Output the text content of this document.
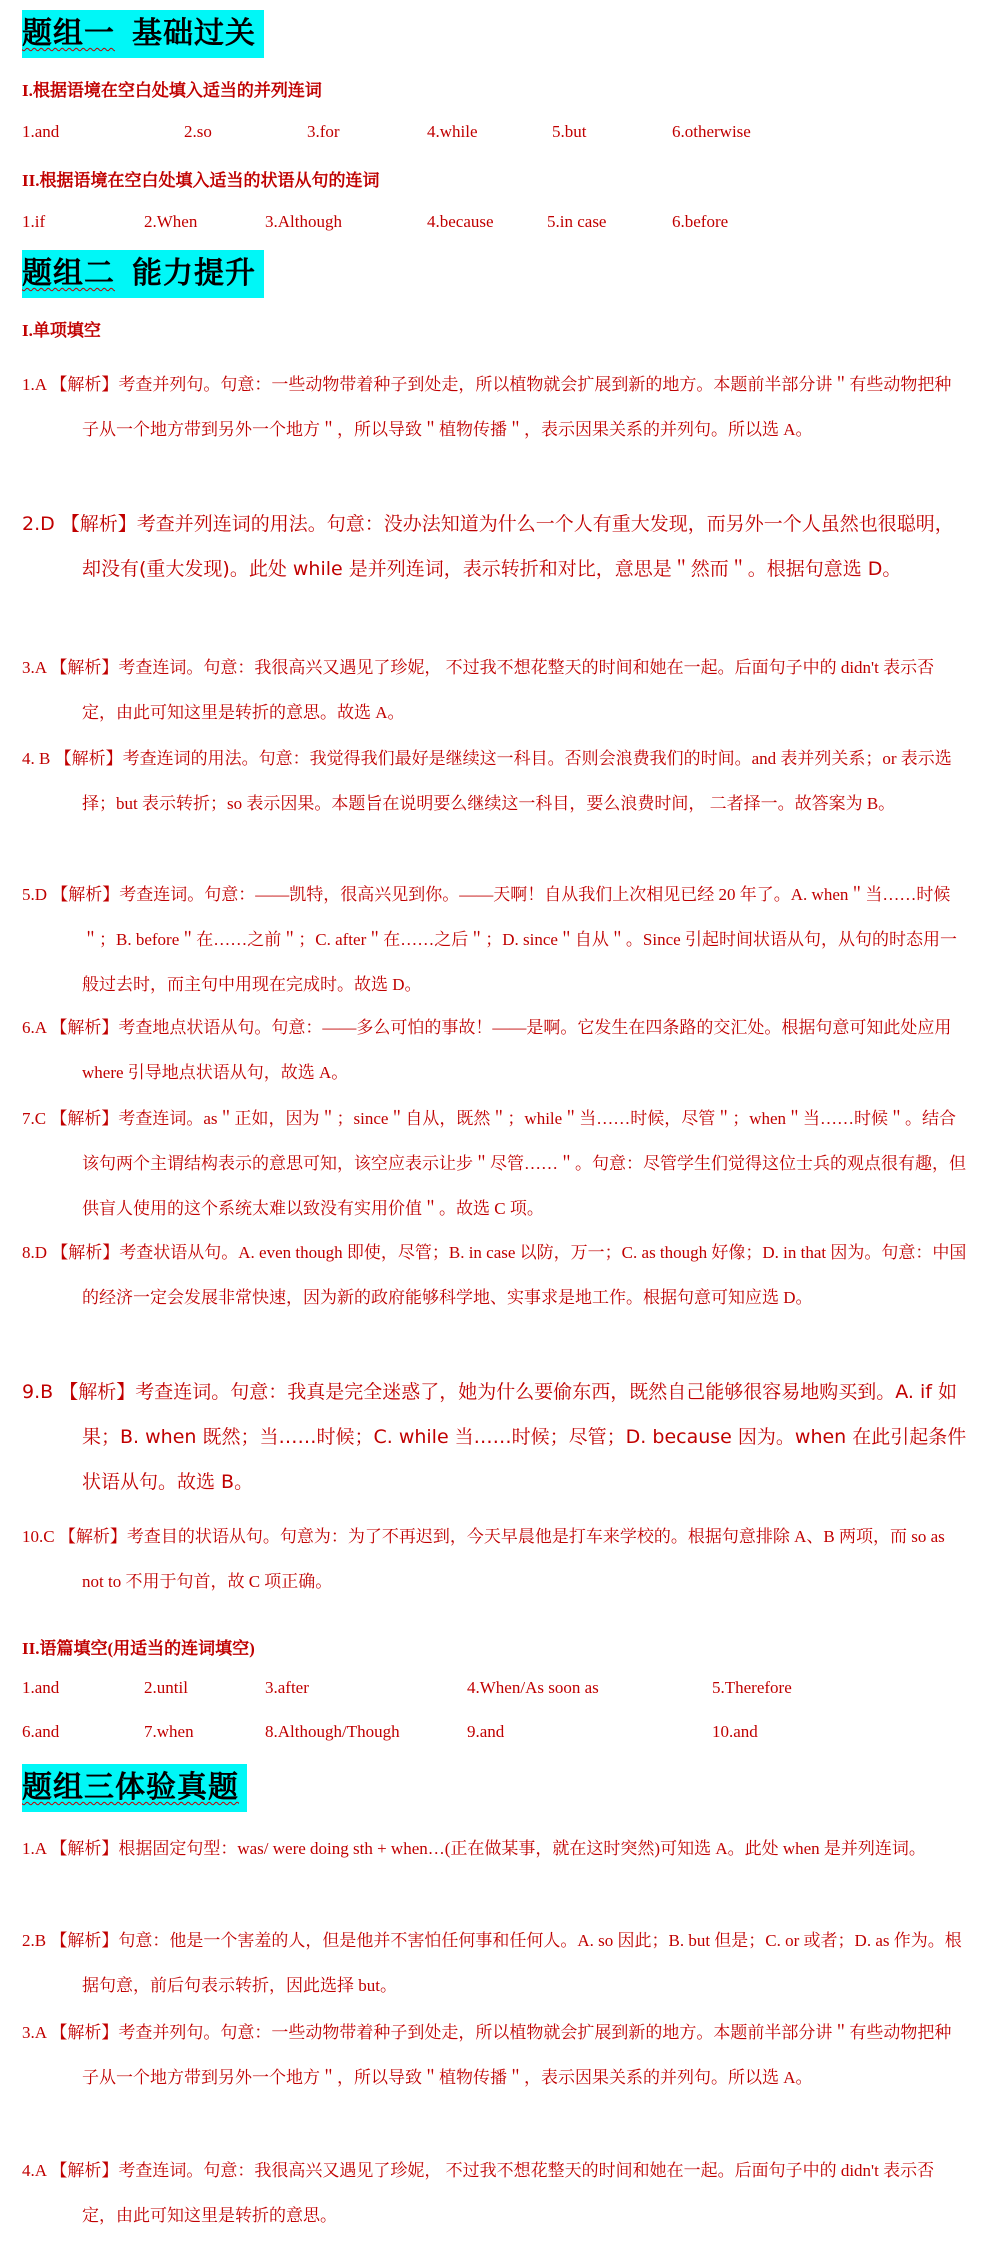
题组一 基础过关
I.根据语境在空白处填入适当的并列连词
1.and	2.so	3.for	4.while	5.but	6.otherwise
II.根据语境在空白处填入适当的状语从句的连词
1.if	2.When	3.Although	4.because	5.in case	6.before
题组二 能力提升
I.单项填空
1.A 【解析】考查并列句。句意：一些动物带着种子到处走，所以植物就会扩展到新的地方。本题前半部分讲＂有些动物把种子从一个地方带到另外一个地方＂，所以导致＂植物传播＂，表示因果关系的并列句。所以选 A。
2.D 【解析】考查并列连词的用法。句意：没办法知道为什么一个人有重大发现，而另外一个人虽然也很聪明，却没有(重大发现)。此处 while 是并列连词，表示转折和对比，意思是＂然而＂。根据句意选 D。
3.A 【解析】考查连词。句意：我很高兴又遇见了珍妮， 不过我不想花整天的时间和她在一起。后面句子中的 didn't 表示否定，由此可知这里是转折的意思。故选 A。
4. B 【解析】考查连词的用法。句意：我觉得我们最好是继续这一科目。否则会浪费我们的时间。and 表并列关系；or 表示选择；but 表示转折；so 表示因果。本题旨在说明要么继续这一科目，要么浪费时间， 二者择一。故答案为 B。
5.D 【解析】考查连词。句意：——凯特，很高兴见到你。——天啊！自从我们上次相见已经 20 年了。A. when＂当……时候＂；B. before＂在……之前＂；C. after＂在……之后＂；D. since＂自从＂。Since 引起时间状语从句，从句的时态用一般过去时，而主句中用现在完成时。故选 D。
6.A 【解析】考查地点状语从句。句意：——多么可怕的事故！——是啊。它发生在四条路的交汇处。根据句意可知此处应用 where 引导地点状语从句，故选 A。
7.C 【解析】考查连词。as＂正如，因为＂；since＂自从，既然＂；while＂当……时候，尽管＂；when＂当……时候＂。结合该句两个主谓结构表示的意思可知，该空应表示让步＂尽管……＂。句意：尽管学生们觉得这位士兵的观点很有趣，但供盲人使用的这个系统太难以致没有实用价值＂。故选 C 项。
8.D 【解析】考查状语从句。A. even though 即使，尽管；B. in case 以防，万一；C. as though 好像；D. in that 因为。句意：中国的经济一定会发展非常快速，因为新的政府能够科学地、实事求是地工作。根据句意可知应选 D。
9.B 【解析】考查连词。句意：我真是完全迷惑了，她为什么要偷东西，既然自己能够很容易地购买到。A. if 如果；B. when 既然；当……时候；C. while 当……时候；尽管；D. because 因为。when 在此引起条件状语从句。故选 B。
10.C 【解析】考查目的状语从句。句意为：为了不再迟到，今天早晨他是打车来学校的。根据句意排除 A、B 两项，而 so as not to 不用于句首，故 C 项正确。
II.语篇填空(用适当的连词填空)
1.and	2.until	3.after	4.When/As soon as	5.Therefore
6.and	7.when	8.Although/Though	9.and	10.and
题组三体验真题
1.A 【解析】根据固定句型：was/ were doing sth + when…(正在做某事，就在这时突然)可知选 A。此处 when 是并列连词。
2.B 【解析】句意：他是一个害羞的人，但是他并不害怕任何事和任何人。A. so 因此；B. but 但是；C. or 或者；D. as 作为。根据句意，前后句表示转折，因此选择 but。
3.A 【解析】考查并列句。句意：一些动物带着种子到处走，所以植物就会扩展到新的地方。本题前半部分讲＂有些动物把种子从一个地方带到另外一个地方＂，所以导致＂植物传播＂，表示因果关系的并列句。所以选 A。
4.A 【解析】考查连词。句意：我很高兴又遇见了珍妮， 不过我不想花整天的时间和她在一起。后面句子中的 didn't 表示否定，由此可知这里是转折的意思。
